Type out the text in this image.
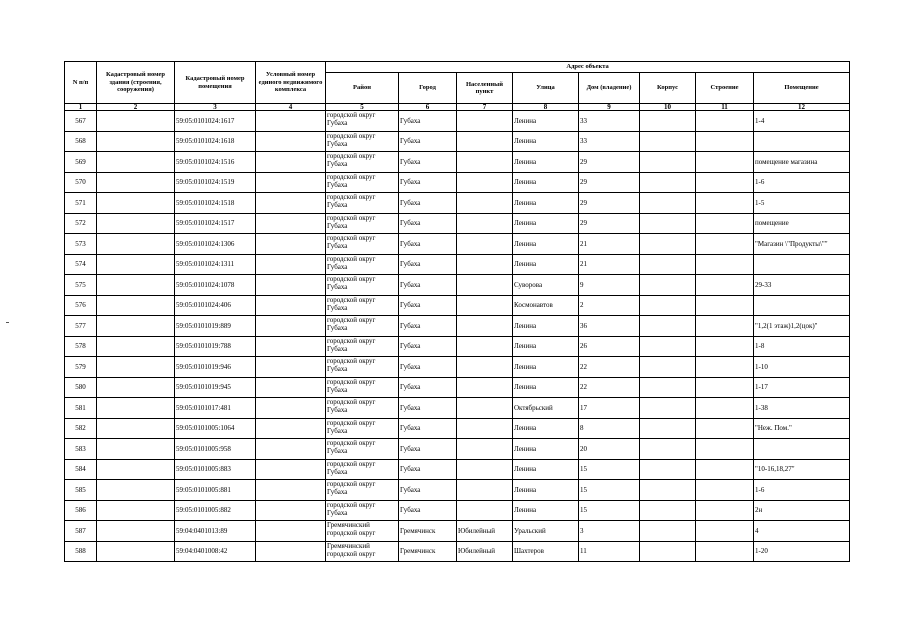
N п/п	Кадастровый номер здания (строения, сооружения)	Кадастровый номер помещения	Условный номер единого недвижимого комплекса	Адрес объекта							
				Район	Город	Населенный пункт	Улица	Дом (владение)	Корпус	Строение	Помещение
1	2	3	4	5	6	7	8	9	10	11	12
567		59:05:0101024:1617		городской округ Губаха	Губаха		Ленина	33			1-4
568		59:05:0101024:1618		городской округ Губаха	Губаха		Ленина	33			
569		59:05:0101024:1516		городской округ Губаха	Губаха		Ленина	29			помещение магазина
570		59:05:0101024:1519		городской округ Губаха	Губаха		Ленина	29			1-6
571		59:05:0101024:1518		городской округ Губаха	Губаха		Ленина	29			1-5
572		59:05:0101024:1517		городской округ Губаха	Губаха		Ленина	29			помещение
573		59:05:0101024:1306		городской округ Губаха	Губаха		Ленина	21			"Магазин \"Продукты\""
574		59:05:0101024:1311		городской округ Губаха	Губаха		Ленина	21			
575		59:05:0101024:1078		городской округ Губаха	Губаха		Суворова	9			29-33
576		59:05:0101024:406		городской округ Губаха	Губаха		Космонавтов	2			
577		59:05:0101019:889		городской округ Губаха	Губаха		Ленина	36			"1,2(1 этаж)1,2(цок)"
578		59:05:0101019:788		городской округ Губаха	Губаха		Ленина	26			1-8
579		59:05:0101019:946		городской округ Губаха	Губаха		Ленина	22			1-10
580		59:05:0101019:945		городской округ Губаха	Губаха		Ленина	22			1-17
581		59:05:0101017:481		городской округ Губаха	Губаха		Октябрьский	17			1-38
582		59:05:0101005:1064		городской округ Губаха	Губаха		Ленина	8			"Неж. Пом."
583		59:05:0101005:958		городской округ Губаха	Губаха		Ленина	20			
584		59:05:0101005:883		городской округ Губаха	Губаха		Ленина	15			"10-16,18,27"
585		59:05:0101005:881		городской округ Губаха	Губаха		Ленина	15			1-6
586		59:05:0101005:882		городской округ Губаха	Губаха		Ленина	15			2н
587		59:04:0401013:89		Гремячинский городской округ	Гремячинск	Юбилейный	Уральский	3			4
588		59:04:0401008:42		Гремячинский городской округ	Гремячинск	Юбилейный	Шахтеров	11			1-20
